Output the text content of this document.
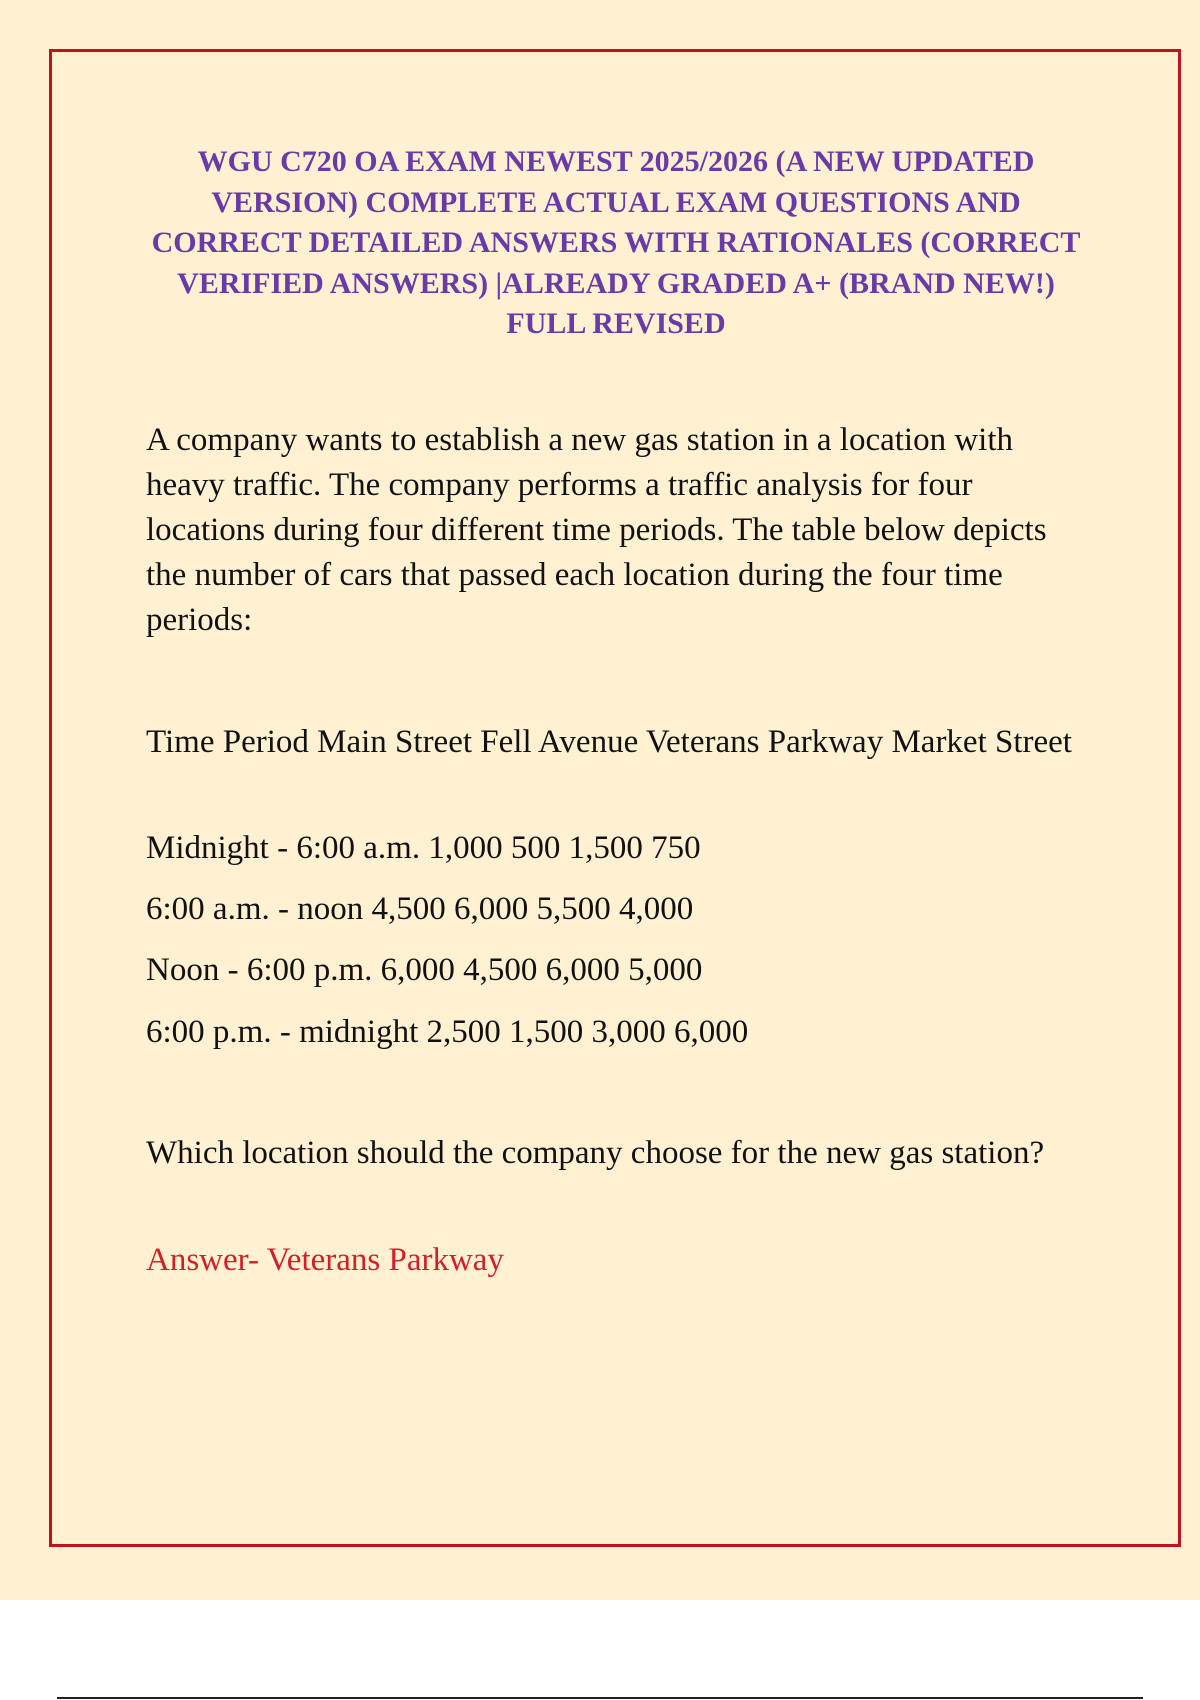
WGU C720 OA EXAM NEWEST 2025/2026 (A NEW UPDATED VERSION) COMPLETE ACTUAL EXAM QUESTIONS AND CORRECT DETAILED ANSWERS WITH RATIONALES (CORRECT VERIFIED ANSWERS) |ALREADY GRADED A+ (BRAND NEW!) FULL REVISED

A company wants to establish a new gas station in a location with heavy traffic. The company performs a traffic analysis for four locations during four different time periods. The table below depicts the number of cars that passed each location during the four time periods:

Time Period Main Street Fell Avenue Veterans Parkway Market Street

Midnight - 6:00 a.m. 1,000 500 1,500 750

6:00 a.m. - noon 4,500 6,000 5,500 4,000

Noon - 6:00 p.m. 6,000 4,500 6,000 5,000

6:00 p.m. - midnight 2,500 1,500 3,000 6,000

Which location should the company choose for the new gas station?

Answer- Veterans Parkway
